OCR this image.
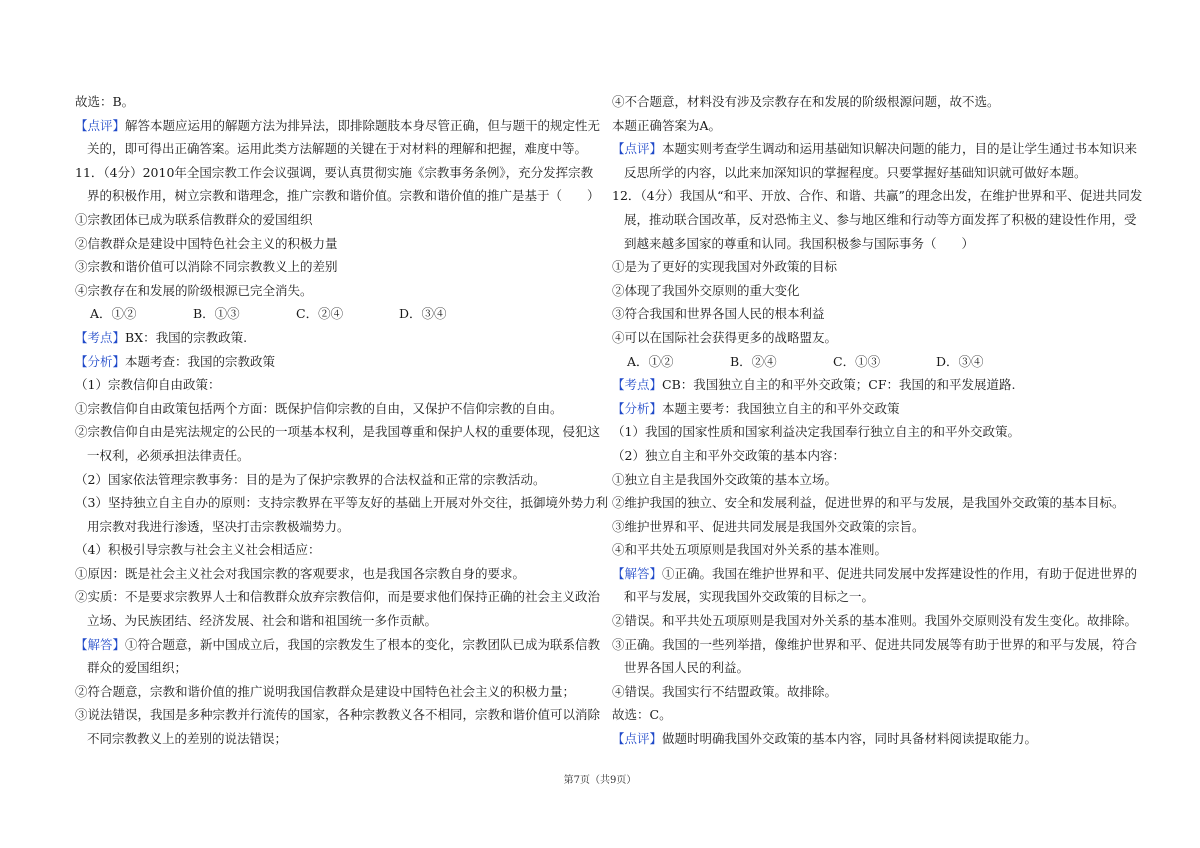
故选：B。
【点评】解答本题应运用的解题方法为排异法，即排除题肢本身尽管正确，但与题干的规定性无
关的，即可得出正确答案。运用此类方法解题的关键在于对材料的理解和把握，难度中等。
11．（4分）2010年全国宗教工作会议强调，要认真贯彻实施《宗教事务条例》，充分发挥宗教
界的积极作用，树立宗教和谐理念，推广宗教和谐价值。宗教和谐价值的推广是基于（　　）
①宗教团体已成为联系信教群众的爱国组织
②信教群众是建设中国特色社会主义的积极力量
③宗教和谐价值可以消除不同宗教教义上的差别
④宗教存在和发展的阶级根源已完全消失。
A．①②	B．①③	C．②④	D．③④
【考点】BX：我国的宗教政策.
【分析】本题考查：我国的宗教政策
（1）宗教信仰自由政策：
①宗教信仰自由政策包括两个方面：既保护信仰宗教的自由，又保护不信仰宗教的自由。
②宗教信仰自由是宪法规定的公民的一项基本权利，是我国尊重和保护人权的重要体现，侵犯这
一权利，必须承担法律责任。
（2）国家依法管理宗教事务：目的是为了保护宗教界的合法权益和正常的宗教活动。
（3）坚持独立自主自办的原则：支持宗教界在平等友好的基础上开展对外交往，抵御境外势力利
用宗教对我进行渗透，坚决打击宗教极端势力。
（4）积极引导宗教与社会主义社会相适应：
①原因：既是社会主义社会对我国宗教的客观要求，也是我国各宗教自身的要求。
②实质：不是要求宗教界人士和信教群众放弃宗教信仰，而是要求他们保持正确的社会主义政治
立场、为民族团结、经济发展、社会和谐和祖国统一多作贡献。
【解答】①符合题意，新中国成立后，我国的宗教发生了根本的变化，宗教团队已成为联系信教
群众的爱国组织；
②符合题意，宗教和谐价值的推广说明我国信教群众是建设中国特色社会主义的积极力量；
③说法错误，我国是多种宗教并行流传的国家，各种宗教教义各不相同，宗教和谐价值可以消除
不同宗教教义上的差别的说法错误；
④不合题意，材料没有涉及宗教存在和发展的阶级根源问题，故不选。
本题正确答案为A。
【点评】本题实则考查学生调动和运用基础知识解决问题的能力，目的是让学生通过书本知识来
反思所学的内容，以此来加深知识的掌握程度。只要掌握好基础知识就可做好本题。
12．（4分）我国从“和平、开放、合作、和谐、共赢”的理念出发，在维护世界和平、促进共同发
展，推动联合国改革，反对恐怖主义、参与地区维和行动等方面发挥了积极的建设性作用，受
到越来越多国家的尊重和认同。我国积极参与国际事务（　　）
①是为了更好的实现我国对外政策的目标
②体现了我国外交原则的重大变化
③符合我国和世界各国人民的根本利益
④可以在国际社会获得更多的战略盟友。
A．①②	B．②④	C．①③	D．③④
【考点】CB：我国独立自主的和平外交政策；CF：我国的和平发展道路.
【分析】本题主要考：我国独立自主的和平外交政策
（1）我国的国家性质和国家利益决定我国奉行独立自主的和平外交政策。
（2）独立自主和平外交政策的基本内容：
①独立自主是我国外交政策的基本立场。
②维护我国的独立、安全和发展利益，促进世界的和平与发展，是我国外交政策的基本目标。
③维护世界和平、促进共同发展是我国外交政策的宗旨。
④和平共处五项原则是我国对外关系的基本准则。
【解答】①正确。我国在维护世界和平、促进共同发展中发挥建设性的作用，有助于促进世界的
和平与发展，实现我国外交政策的目标之一。
②错误。和平共处五项原则是我国对外关系的基本准则。我国外交原则没有发生变化。故排除。
③正确。我国的一些列举措，像维护世界和平、促进共同发展等有助于世界的和平与发展，符合
世界各国人民的利益。
④错误。我国实行不结盟政策。故排除。
故选：C。
【点评】做题时明确我国外交政策的基本内容，同时具备材料阅读提取能力。
第7页（共9页）
